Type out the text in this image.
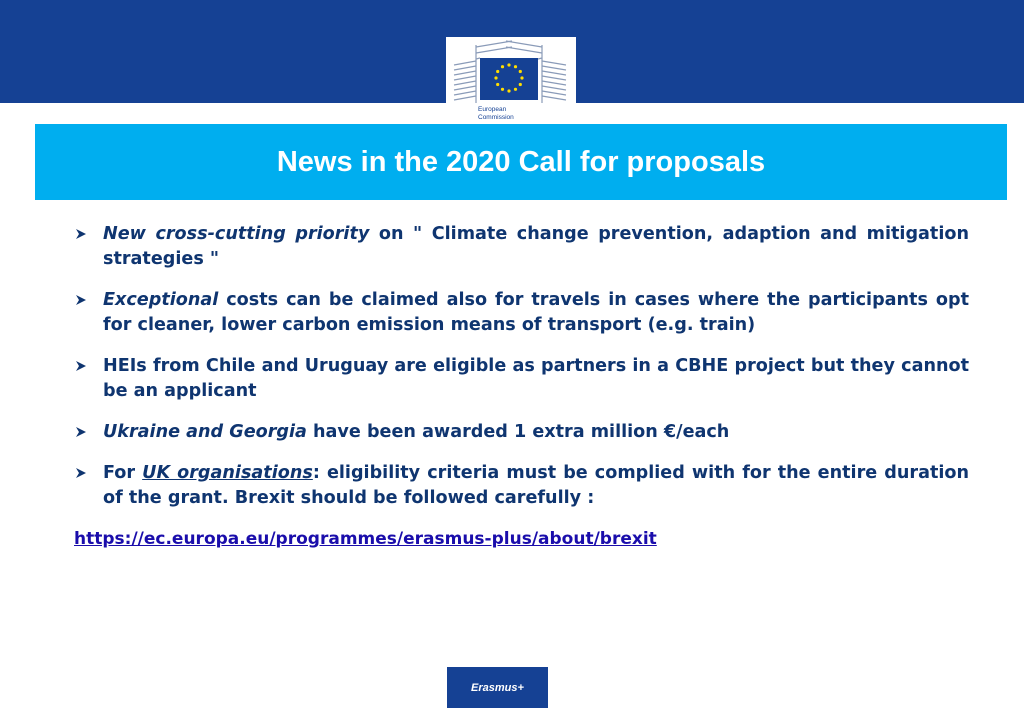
European
Commission
News in the 2020 Call for proposals

New cross-cutting priority on " Climate change prevention, adaption and mitigation strategies "

Exceptional costs can be claimed also for travels in cases where the participants opt for cleaner, lower carbon emission means of transport (e.g. train)

HEIs from Chile and Uruguay are eligible as partners in a CBHE project but they cannot be an applicant

Ukraine and Georgia have been awarded 1 extra million €/each

For UK organisations: eligibility criteria must be complied with for the entire duration of the grant. Brexit should be followed carefully :

https://ec.europa.eu/programmes/erasmus-plus/about/brexit
Erasmus+
